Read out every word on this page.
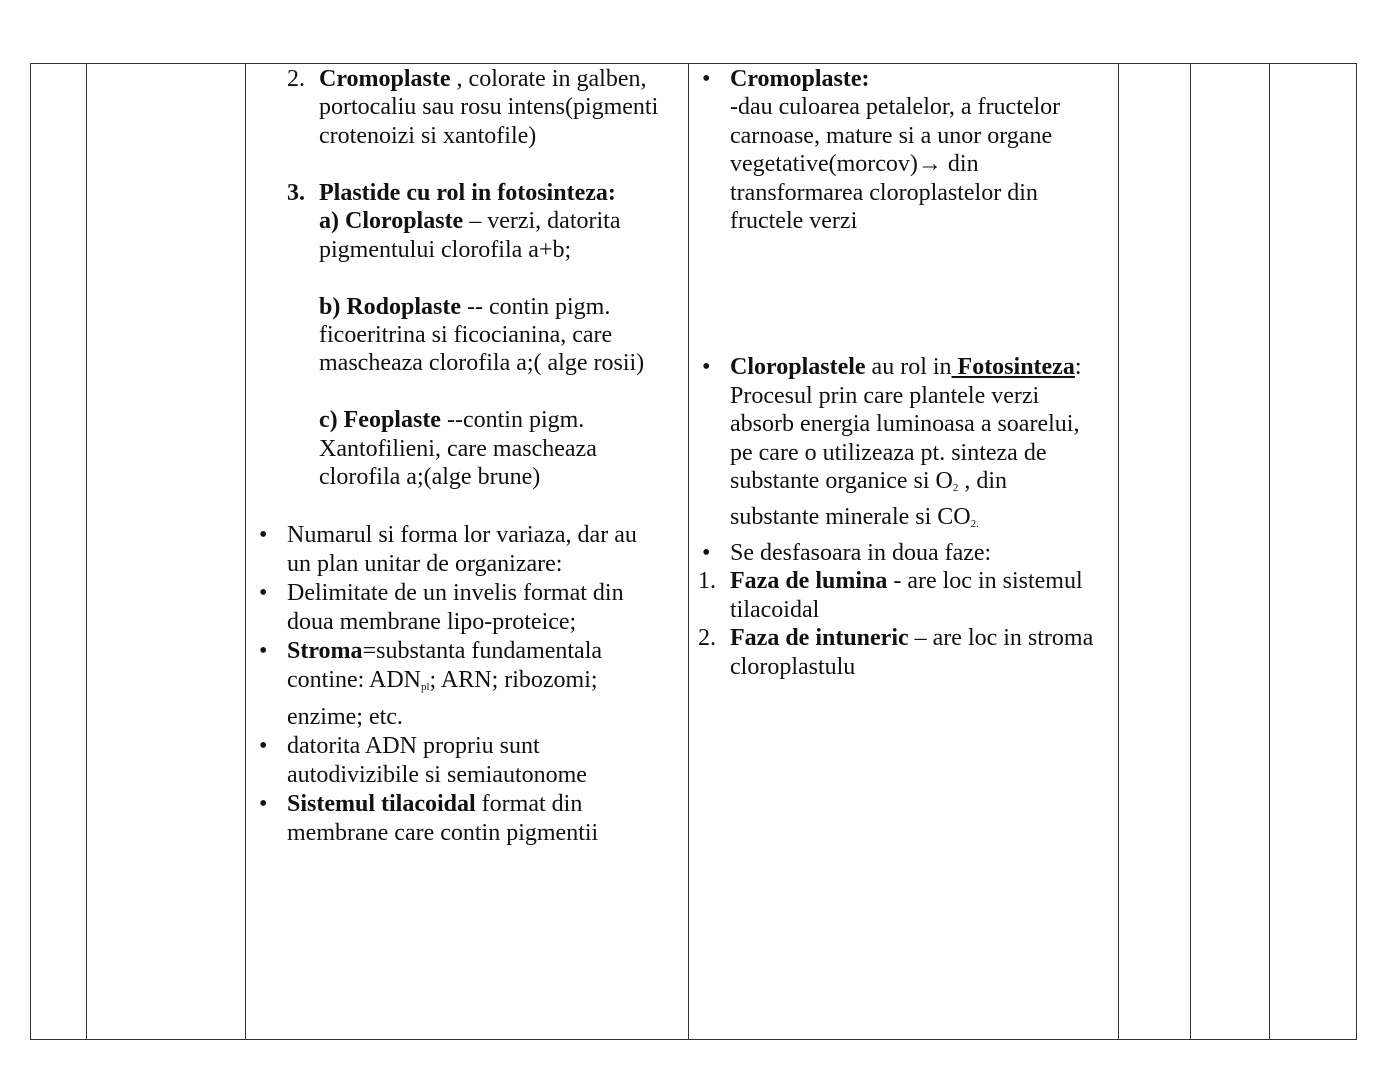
2. Cromoplaste , colorate in galben,
portocaliu sau rosu intens(pigmenti
crotenoizi si xantofile)
3. Plastide cu rol in fotosinteza:
a) Cloroplaste – verzi, datorita
pigmentului clorofila a+b;
b) Rodoplaste -- contin pigm.
ficoeritrina si ficocianina, care
mascheaza clorofila a;( alge rosii)
c) Feoplaste --contin pigm.
Xantofilieni, care mascheaza
clorofila a;(alge brune)
• Numarul si forma lor variaza, dar au
un plan unitar de organizare:
• Delimitate de un invelis format din
doua membrane lipo-proteice;
• Stroma=substanta fundamentala
contine: $ADN_{pl}$; ARN; ribozomi;
enzime; etc.
• datorita ADN propriu sunt
autodivizibile si semiautonome
• Sistemul tilacoidal format din
membrane care contin pigmentii
• Cromoplaste:
-dau culoarea petalelor, a fructelor
carnoase, mature si a unor organe
vegetative(morcov)→ din
transformarea cloroplastelor din
fructele verzi
• Cloroplastele au rol in Fotosinteza:
Procesul prin care plantele verzi
absorb energia luminoasa a soarelui,
pe care o utilizeaza pt. sinteza de
substante organice si $O_2$ , din
substante minerale si $CO_{2.}$
• Se desfasoara in doua faze:
1. Faza de lumina - are loc in sistemul
tilacoidal
2. Faza de intuneric – are loc in stroma
cloroplastulu
